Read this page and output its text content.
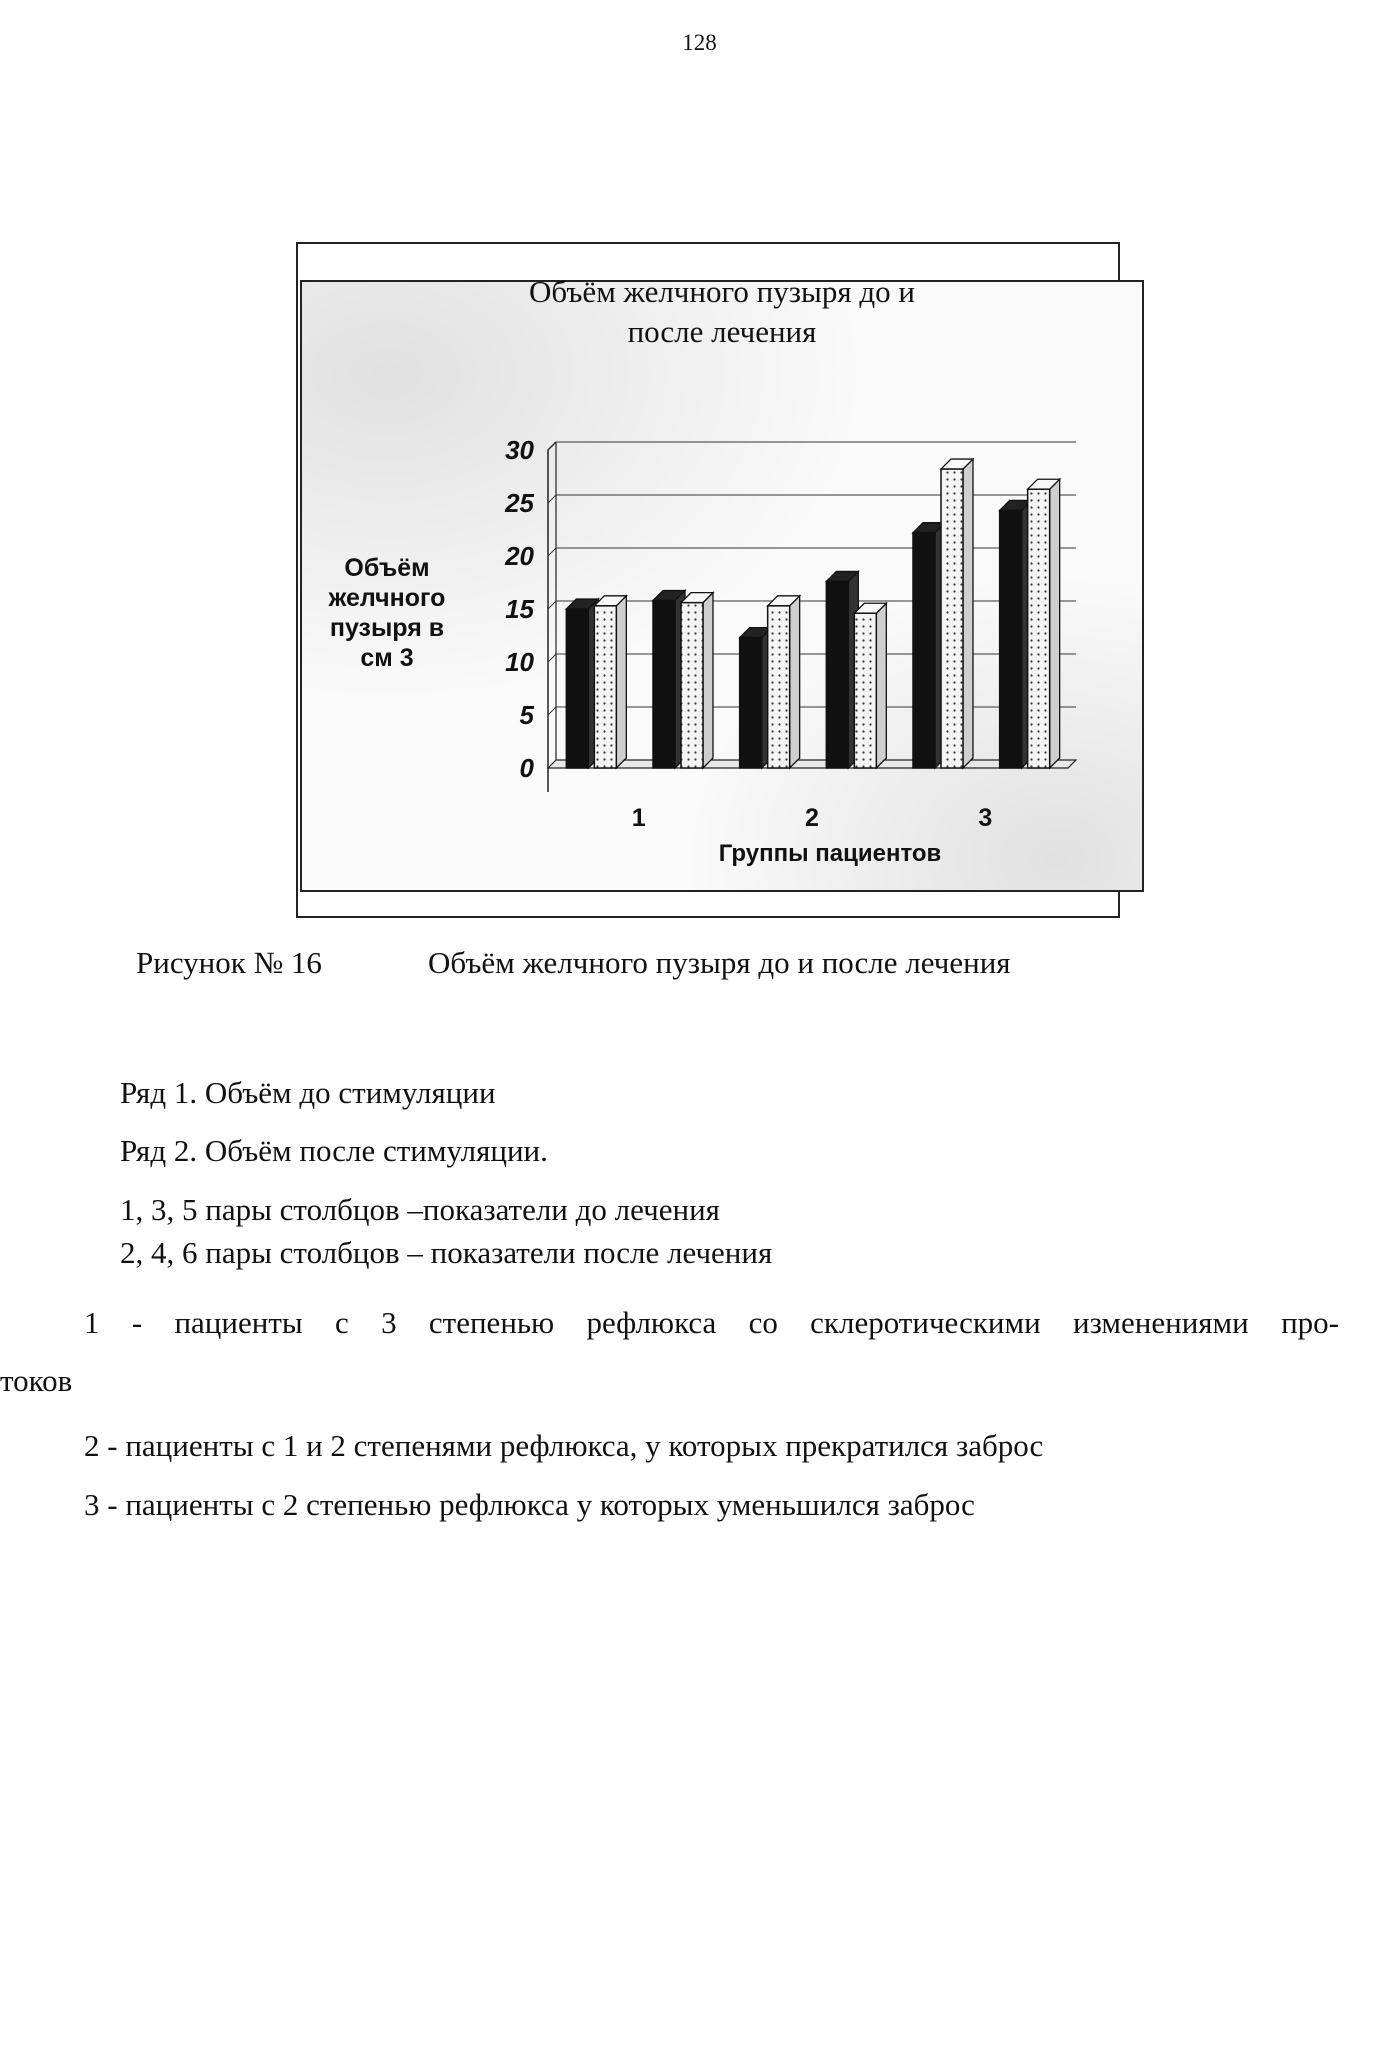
128
30
25
20
15
10
5
0
1	2	3
Объём желчного пузыря до и
после лечения
Объём
желчного
пузыря в
см 3
Группы пациентов
Рисунок № 16	Объём желчного пузыря до и после лечения
Ряд 1. Объём до стимуляции
Ряд 2. Объём после стимуляции.
1, 3, 5 пары столбцов –показатели до лечения
2, 4, 6 пары столбцов – показатели после лечения
1 - пациенты с 3 степенью рефлюкса со склеротическими изменениями про-
токов
2 - пациенты с 1 и 2 степенями рефлюкса, у которых прекратился заброс
3 - пациенты с 2 степенью рефлюкса у которых уменьшился заброс
